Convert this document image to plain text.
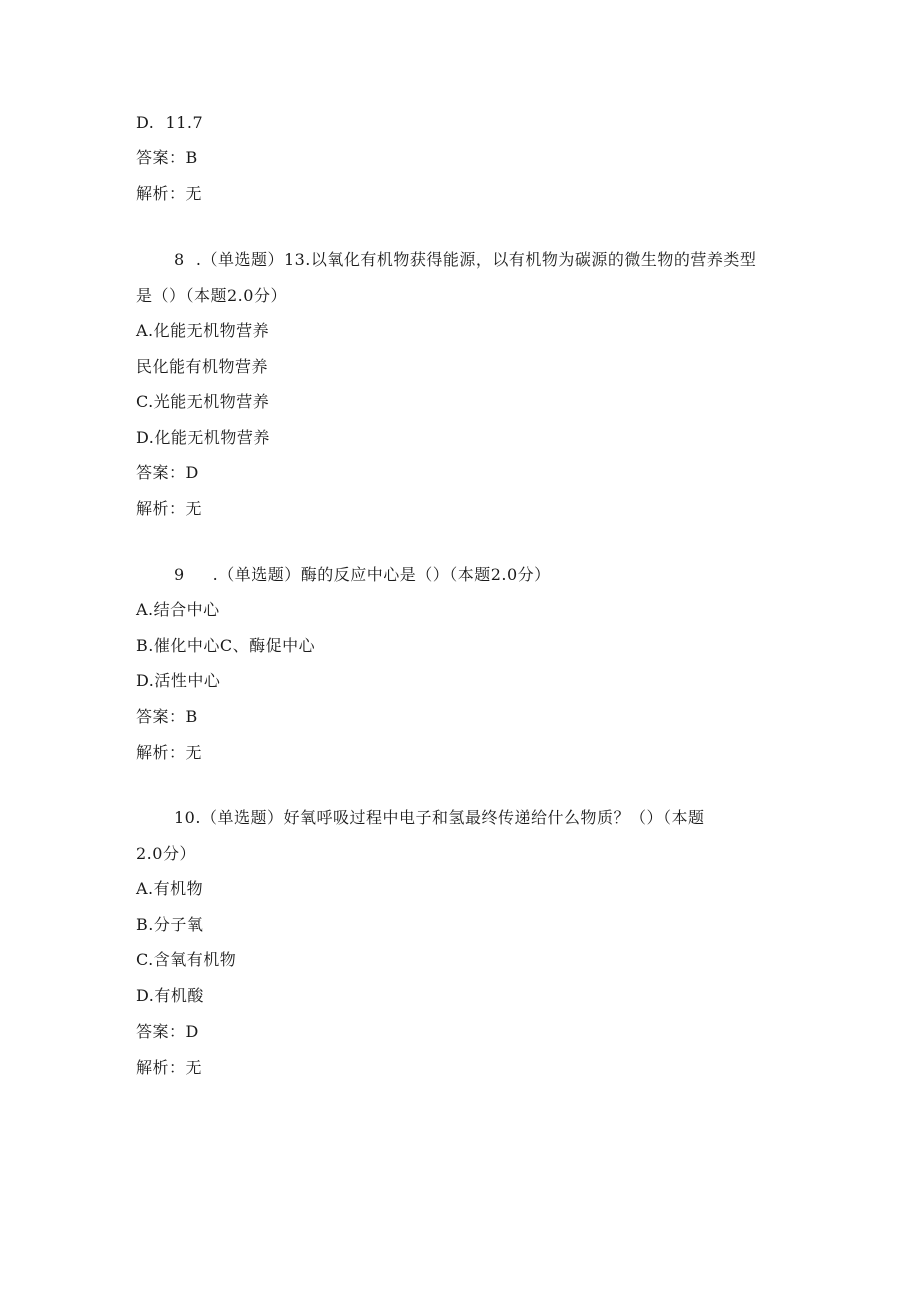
D.  11.7
答案：B
解析：无
8  .（单选题）13.以氧化有机物获得能源，以有机物为碳源的微生物的营养类型
是（）（本题2.0分）
A.化能无机物营养
民化能有机物营养
C.光能无机物营养
D.化能无机物营养
答案：D
解析：无
9     .（单选题）酶的反应中心是（）（本题2.0分）
A.结合中心
B.催化中心C、酶促中心
D.活性中心
答案：B
解析：无
10.（单选题）好氧呼吸过程中电子和氢最终传递给什么物质？（）（本题
2.0分）
A.有机物
B.分子氧
C.含氧有机物
D.有机酸
答案：D
解析：无
